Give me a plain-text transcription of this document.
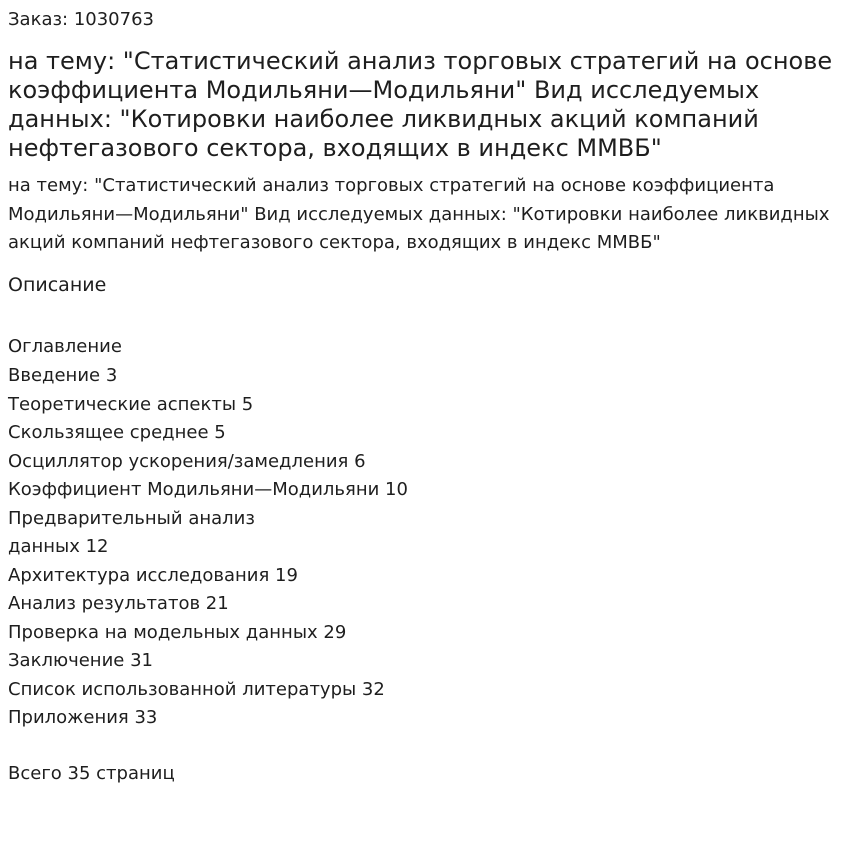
Заказ: 1030763
на тему: "Статистический анализ торговых стратегий на основе коэффициента Модильяни—Модильяни" Вид исследуемых данных: "Котировки наиболее ликвидных акций компаний нефтегазового сектора, входящих в индекс ММВБ"

на тему: "Статистический анализ торговых стратегий на основе коэффициента Модильяни—Модильяни" Вид исследуемых данных: "Котировки наиболее ликвидных акций компаний нефтегазового сектора, входящих в индекс ММВБ"

Описание
Оглавление
Введение 3
Теоретические аспекты 5
Скользящее среднее 5
Осциллятор ускорения/замедления 6
Коэффициент Модильяни—Модильяни 10
Предварительный анализ
данных 12
Архитектура исследования 19
Анализ результатов 21
Проверка на модельных данных 29
Заключение 31
Список использованной литературы 32
Приложения 33

Всего 35 страниц
